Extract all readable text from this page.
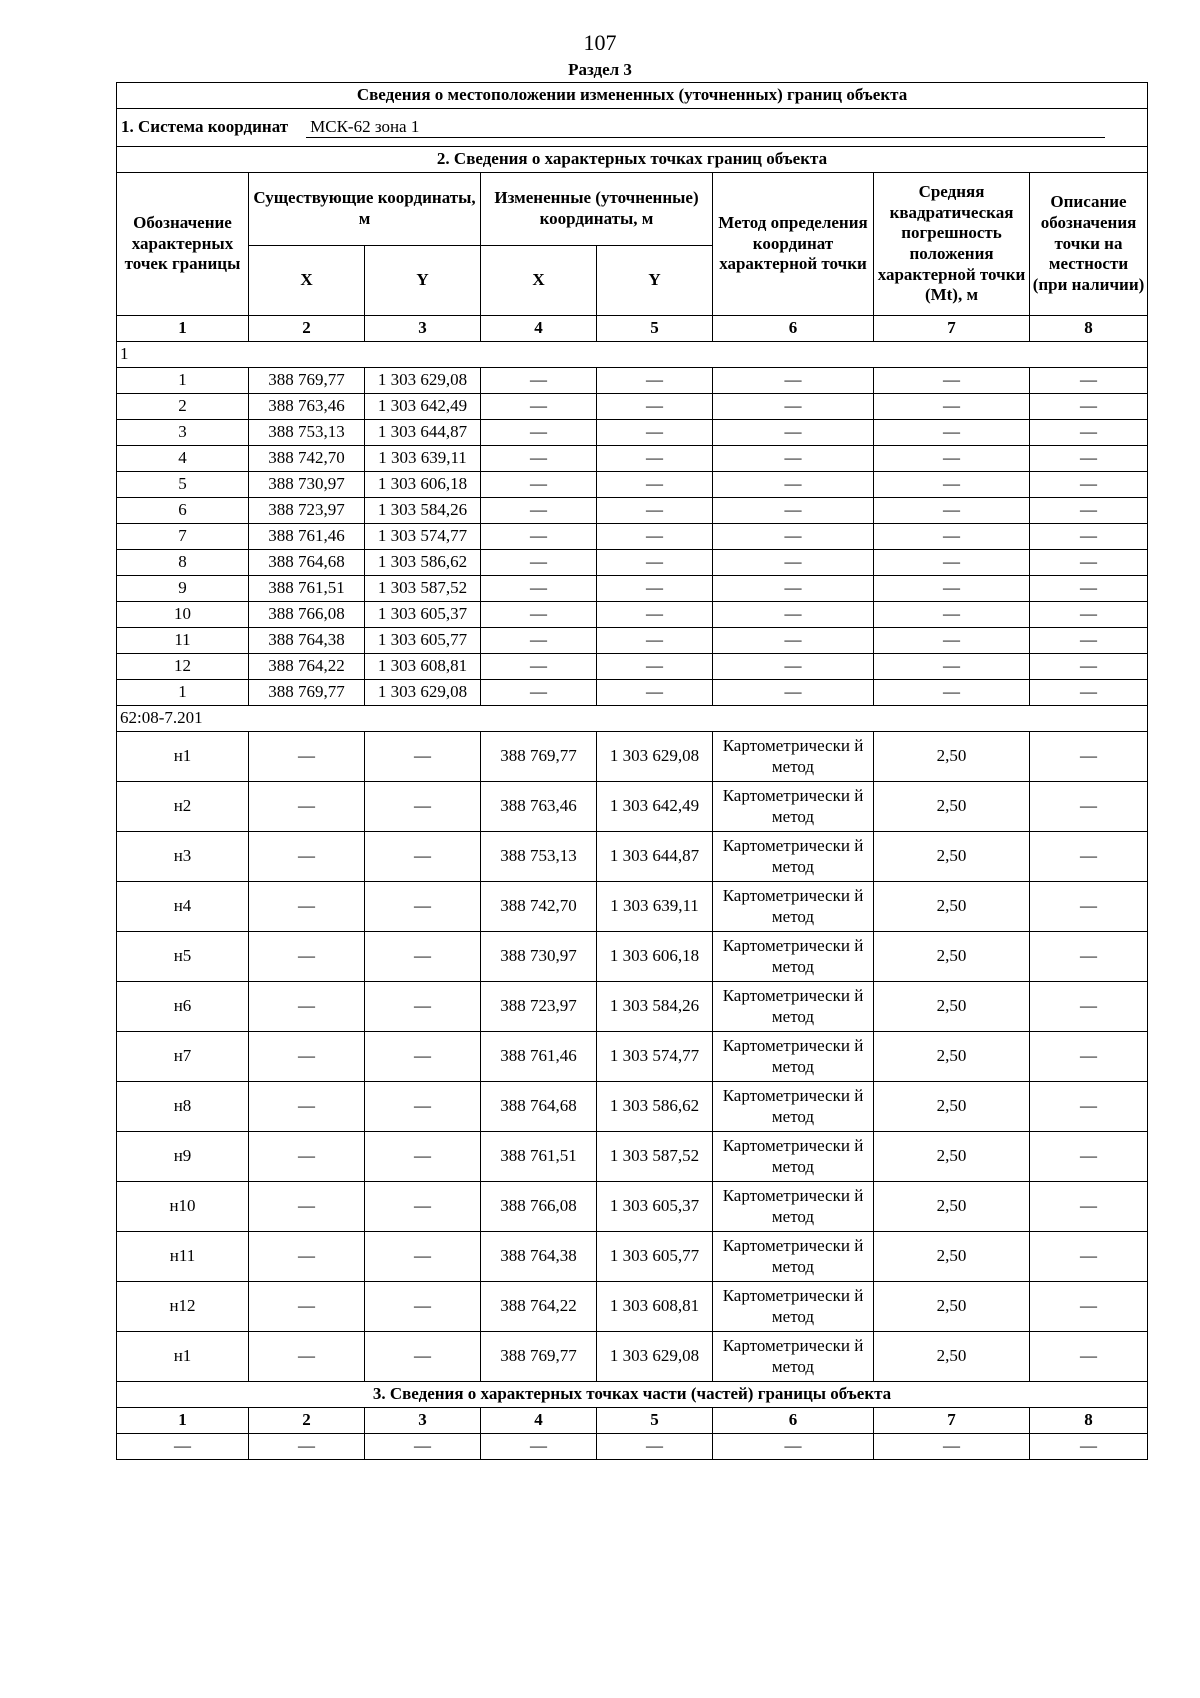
107
Раздел 3
Сведения о местоположении измененных (уточненных) границ объекта							
1. Система координат МСК-62 зона 1							
2. Сведения о характерных точках границ объекта							
Обозначение характерных точек границы	Существующие координаты, м		Измененные (уточненные) координаты, м		Метод определения координат характерной точки	Средняя квадратическая погрешность положения характерной точки (Mt), м	Описание обозначения точки на местности (при наличии)
	X	Y	X	Y			
1	2	3	4	5	6	7	8
1							
1	388 769,77	1 303 629,08	—	—	—	—	—
2	388 763,46	1 303 642,49	—	—	—	—	—
3	388 753,13	1 303 644,87	—	—	—	—	—
4	388 742,70	1 303 639,11	—	—	—	—	—
5	388 730,97	1 303 606,18	—	—	—	—	—
6	388 723,97	1 303 584,26	—	—	—	—	—
7	388 761,46	1 303 574,77	—	—	—	—	—
8	388 764,68	1 303 586,62	—	—	—	—	—
9	388 761,51	1 303 587,52	—	—	—	—	—
10	388 766,08	1 303 605,37	—	—	—	—	—
11	388 764,38	1 303 605,77	—	—	—	—	—
12	388 764,22	1 303 608,81	—	—	—	—	—
1	388 769,77	1 303 629,08	—	—	—	—	—
62:08-7.201							
н1	—	—	388 769,77	1 303 629,08	Картометрически й метод	2,50	—
н2	—	—	388 763,46	1 303 642,49	Картометрически й метод	2,50	—
н3	—	—	388 753,13	1 303 644,87	Картометрически й метод	2,50	—
н4	—	—	388 742,70	1 303 639,11	Картометрически й метод	2,50	—
н5	—	—	388 730,97	1 303 606,18	Картометрически й метод	2,50	—
н6	—	—	388 723,97	1 303 584,26	Картометрически й метод	2,50	—
н7	—	—	388 761,46	1 303 574,77	Картометрически й метод	2,50	—
н8	—	—	388 764,68	1 303 586,62	Картометрически й метод	2,50	—
н9	—	—	388 761,51	1 303 587,52	Картометрически й метод	2,50	—
н10	—	—	388 766,08	1 303 605,37	Картометрически й метод	2,50	—
н11	—	—	388 764,38	1 303 605,77	Картометрически й метод	2,50	—
н12	—	—	388 764,22	1 303 608,81	Картометрически й метод	2,50	—
н1	—	—	388 769,77	1 303 629,08	Картометрически й метод	2,50	—
3. Сведения о характерных точках части (частей) границы объекта							
1	2	3	4	5	6	7	8
—	—	—	—	—	—	—	—
